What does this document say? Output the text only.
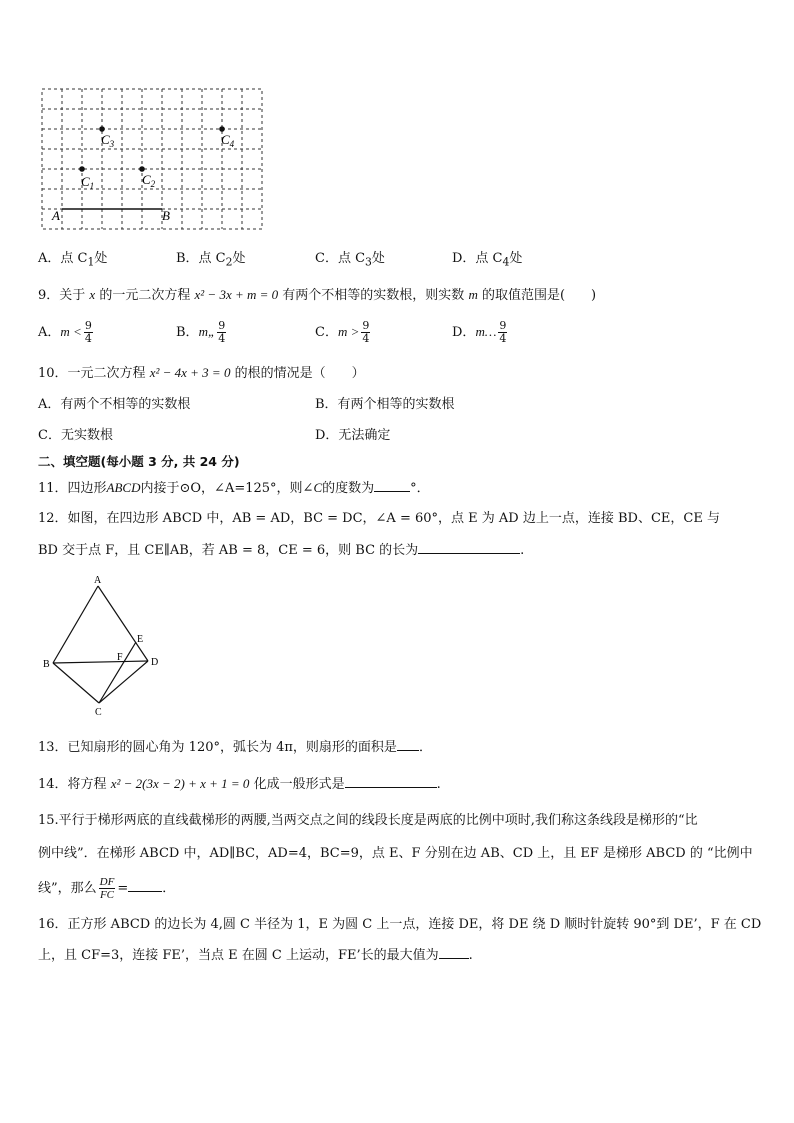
$C_1$	$C_2$
$C_3$	$C_4$
A	B
A．点 $C_1$处	B．点 $C_2$处	C．点 $C_3$处	D．点 $C_4$处
9．关于 x 的一元二次方程 x² − 3x + m = 0 有两个不相等的实数根，则实数 m 的取值范围是(　　)
A．$m < \frac{9}{4}$	B．m„ $\frac{9}{4}$	C．$m > \frac{9}{4}$	D．m… $\frac{9}{4}$
10．一元二次方程 x² − 4x + 3 = 0 的根的情况是（　　）
A．有两个不相等的实数根	B．有两个相等的实数根
C．无实数根	D．无法确定
二、填空题(每小题 3 分, 共 24 分)
11．四边形ABCD内接于⊙O，∠A=125°，则∠C的度数为	°．
12．如图，在四边形 ABCD 中，AB = AD，BC = DC，∠A = 60°，点 E 为 AD 边上一点，连接 BD、CE，CE 与
BD 交于点 F，且 CE∥AB，若 AB = 8，CE = 6，则 BC 的长为	.
A
B
C
D
E
F
13．已知扇形的圆心角为 120°，弧长为 4π，则扇形的面积是 ．
14．将方程 x² − 2(3x − 2) + x + 1 = 0 化成一般形式是	.
15.平行于梯形两底的直线截梯形的两腰,当两交点之间的线段长度是两底的比例中项时,我们称这条线段是梯形的“比
例中线”．在梯形 ABCD 中，AD∥BC，AD=4，BC=9，点 E、F 分别在边 AB、CD 上，且 EF 是梯形 ABCD 的 “比例中
线”，那么 $\frac{DF}{FC}$ =	．
16．正方形 ABCD 的边长为 4,圆 C 半径为 1，E 为圆 C 上一点，连接 DE，将 DE 绕 D 顺时针旋转 90°到 DE’，F 在 CD
上，且 CF=3，连接 FE’，当点 E 在圆 C 上运动，FE’长的最大值为 .
